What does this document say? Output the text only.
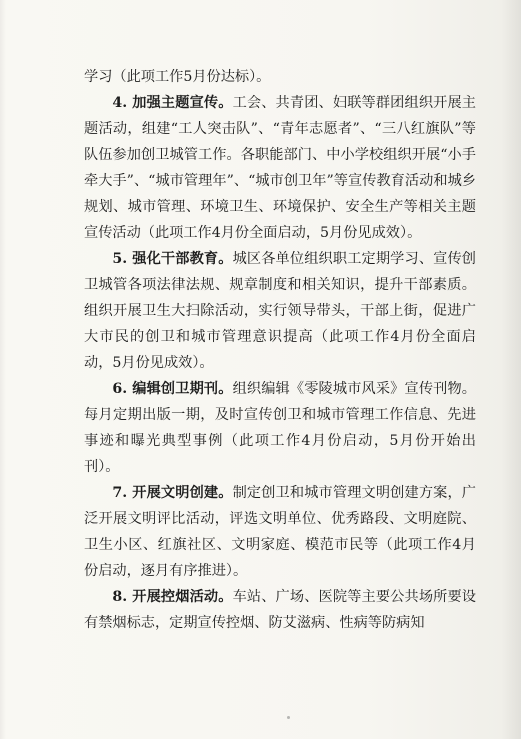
学习（此项工作5月份达标）。

4. 加强主题宣传。工会、共青团、妇联等群团组织开展主题活动，组建“工人突击队”、“青年志愿者”、“三八红旗队”等队伍参加创卫城管工作。各职能部门、中小学校组织开展“小手牵大手”、“城市管理年”、“城市创卫年”等宣传教育活动和城乡规划、城市管理、环境卫生、环境保护、安全生产等相关主题宣传活动（此项工作4月份全面启动，5月份见成效）。

5. 强化干部教育。城区各单位组织职工定期学习、宣传创卫城管各项法律法规、规章制度和相关知识，提升干部素质。组织开展卫生大扫除活动，实行领导带头，干部上街，促进广大市民的创卫和城市管理意识提高（此项工作4月份全面启动，5月份见成效）。

6. 编辑创卫期刊。组织编辑《零陵城市风采》宣传刊物。每月定期出版一期，及时宣传创卫和城市管理工作信息、先进事迹和曝光典型事例（此项工作4月份启动，5月份开始出刊）。

7. 开展文明创建。制定创卫和城市管理文明创建方案，广泛开展文明评比活动，评选文明单位、优秀路段、文明庭院、卫生小区、红旗社区、文明家庭、模范市民等（此项工作4月份启动，逐月有序推进）。

8. 开展控烟活动。车站、广场、医院等主要公共场所要设有禁烟标志，定期宣传控烟、防艾滋病、性病等防病知
